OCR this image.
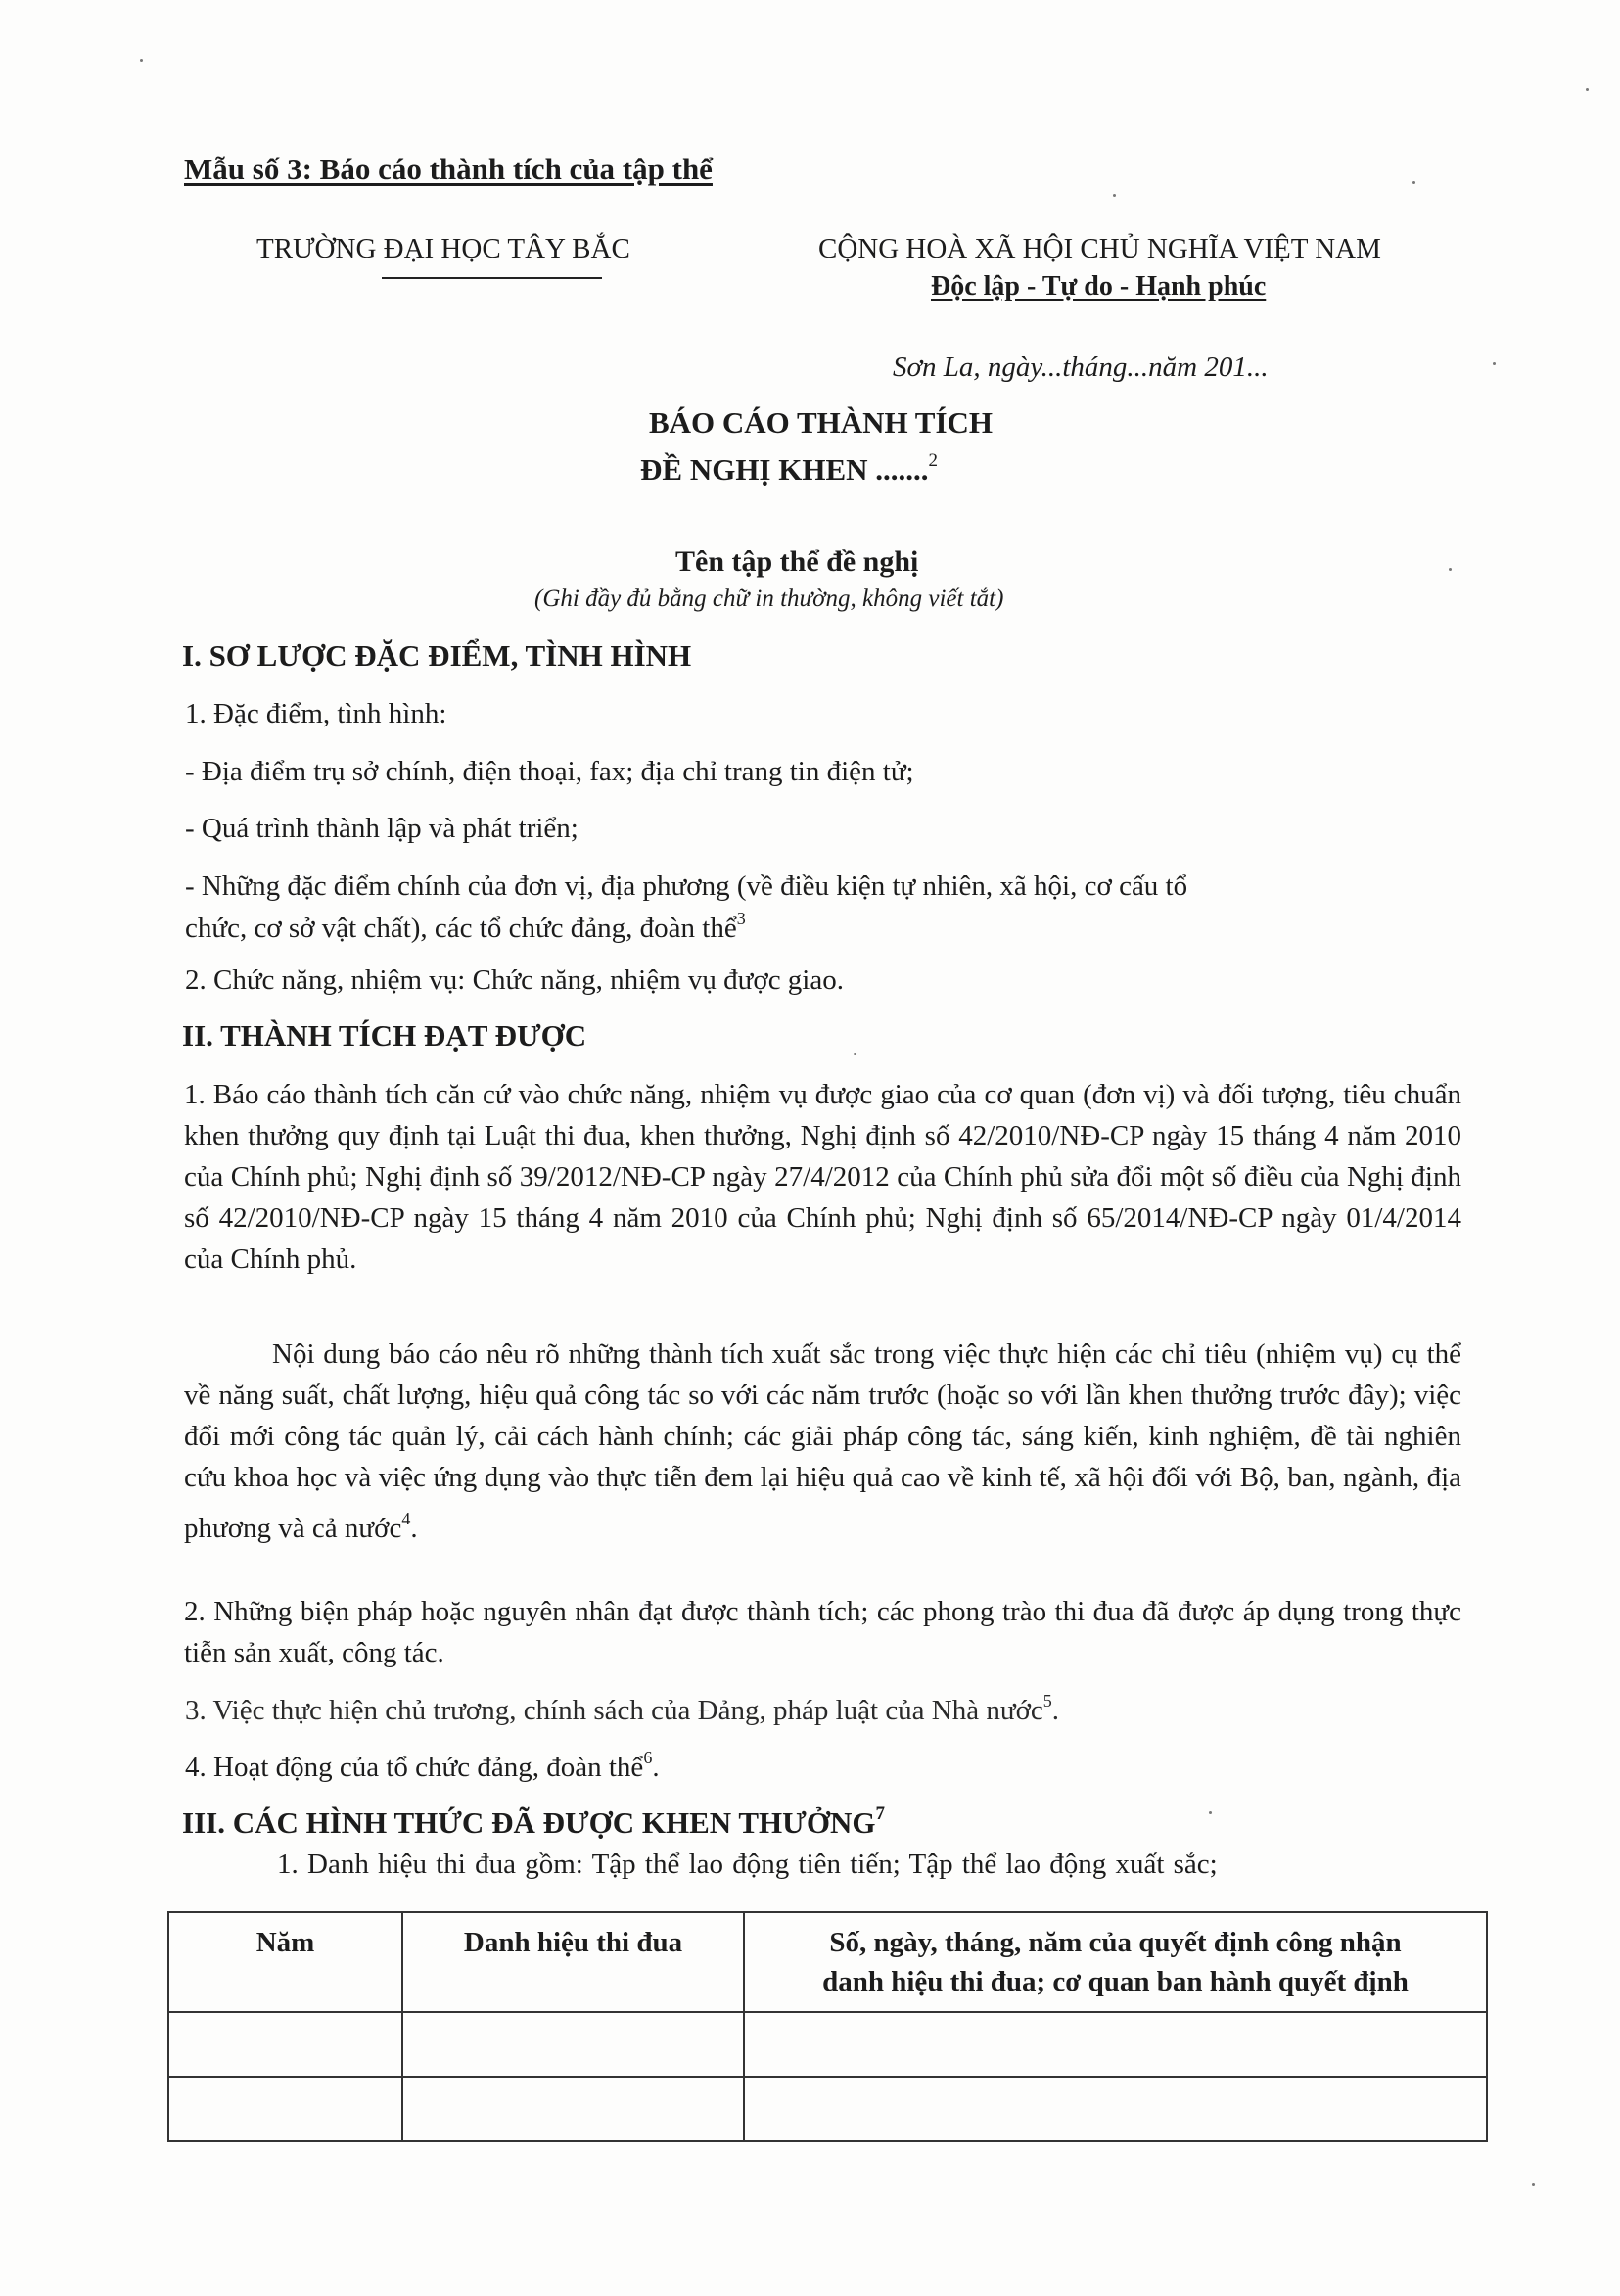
Mẫu số 3: Báo cáo thành tích của tập thể
TRƯỜNG ĐẠI HỌC TÂY BẮC	CỘNG HOÀ XÃ HỘI CHỦ NGHĨA VIỆT NAM
Độc lập - Tự do - Hạnh phúc
Sơn La, ngày...tháng...năm 201...
BÁO CÁO THÀNH TÍCH
ĐỀ NGHỊ KHEN .......$^2$
Tên tập thể đề nghị
(Ghi đầy đủ bằng chữ in thường, không viết tắt)
I. SƠ LƯỢC ĐẶC ĐIỂM, TÌNH HÌNH
1. Đặc điểm, tình hình:
- Địa điểm trụ sở chính, điện thoại, fax; địa chỉ trang tin điện tử;
- Quá trình thành lập và phát triển;
- Những đặc điểm chính của đơn vị, địa phương (về điều kiện tự nhiên, xã hội, cơ cấu tổ
chức, cơ sở vật chất), các tổ chức đảng, đoàn thể$^3$
2. Chức năng, nhiệm vụ: Chức năng, nhiệm vụ được giao.
II. THÀNH TÍCH ĐẠT ĐƯỢC
1. Báo cáo thành tích căn cứ vào chức năng, nhiệm vụ được giao của cơ quan (đơn vị) và đối tượng, tiêu chuẩn khen thưởng quy định tại Luật thi đua, khen thưởng, Nghị định số 42/2010/NĐ-CP ngày 15 tháng 4 năm 2010 của Chính phủ; Nghị định số 39/2012/NĐ-CP ngày 27/4/2012 của Chính phủ sửa đổi một số điều của Nghị định số 42/2010/NĐ-CP ngày 15 tháng 4 năm 2010 của Chính phủ; Nghị định số 65/2014/NĐ-CP ngày 01/4/2014 của Chính phủ.
Nội dung báo cáo nêu rõ những thành tích xuất sắc trong việc thực hiện các chỉ tiêu (nhiệm vụ) cụ thể về năng suất, chất lượng, hiệu quả công tác so với các năm trước (hoặc so với lần khen thưởng trước đây); việc đổi mới công tác quản lý, cải cách hành chính; các giải pháp công tác, sáng kiến, kinh nghiệm, đề tài nghiên cứu khoa học và việc ứng dụng vào thực tiễn đem lại hiệu quả cao về kinh tế, xã hội đối với Bộ, ban, ngành, địa phương và cả nước$^4$.
2. Những biện pháp hoặc nguyên nhân đạt được thành tích; các phong trào thi đua đã được áp dụng trong thực tiễn sản xuất, công tác.
3. Việc thực hiện chủ trương, chính sách của Đảng, pháp luật của Nhà nước$^5$.
4. Hoạt động của tổ chức đảng, đoàn thể$^6$.
III. CÁC HÌNH THỨC ĐÃ ĐƯỢC KHEN THƯỞNG$^7$
1. Danh hiệu thi đua gồm: Tập thể lao động tiên tiến; Tập thể lao động xuất sắc;
Năm	Danh hiệu thi đua	Số, ngày, tháng, năm của quyết định công nhận
danh hiệu thi đua; cơ quan ban hành quyết định
